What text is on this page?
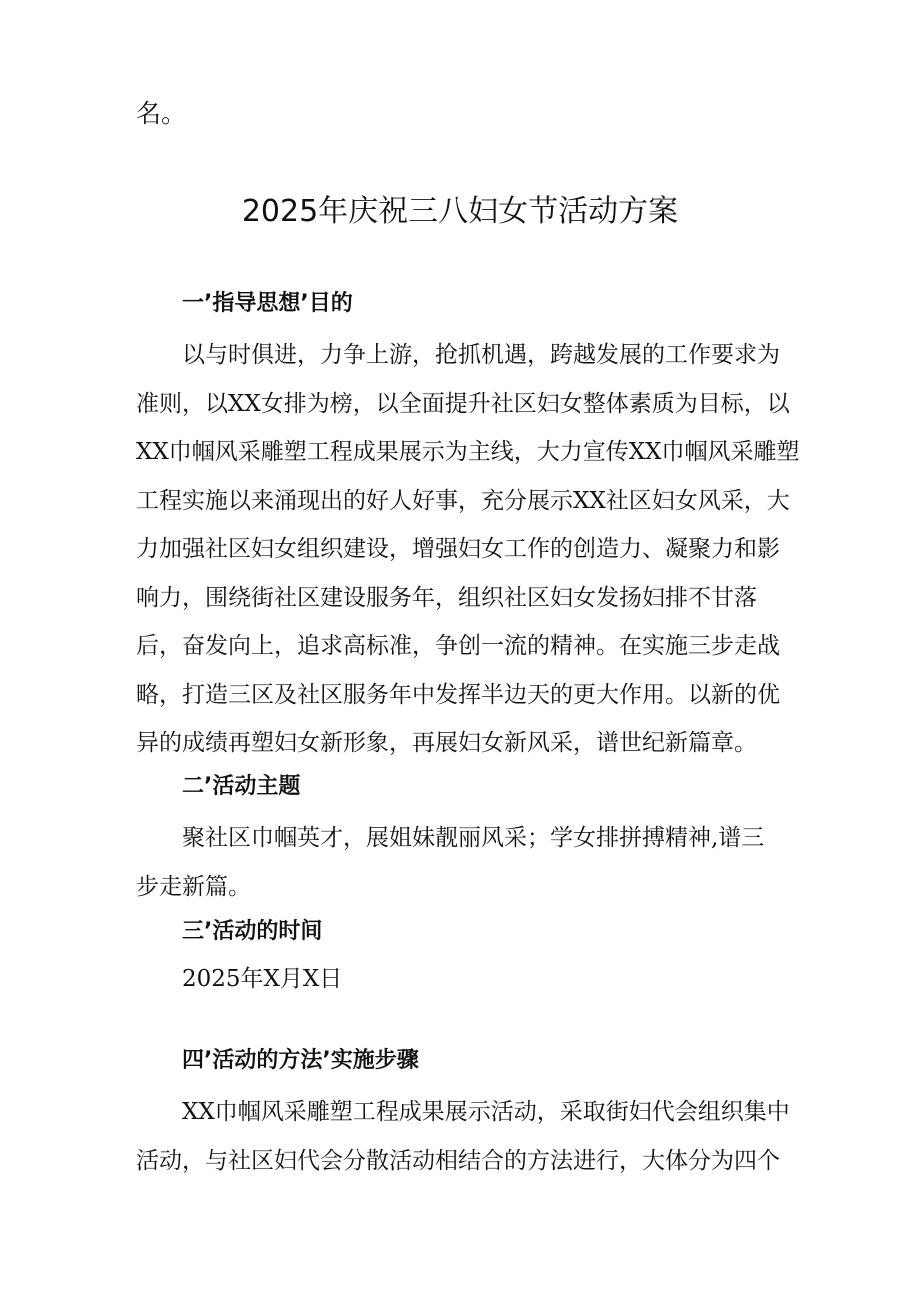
名。

2025年庆祝三八妇女节活动方案
一’指导思想’目的
以与时俱进，力争上游，抢抓机遇，跨越发展的工作要求为
准则，以XX女排为榜，以全面提升社区妇女整体素质为目标，以
XX巾帼风采雕塑工程成果展示为主线，大力宣传XX巾帼风采雕塑
工程实施以来涌现出的好人好事，充分展示XX社区妇女风采，大
力加强社区妇女组织建设，增强妇女工作的创造力、凝聚力和影
响力，围绕街社区建设服务年，组织社区妇女发扬妇排不甘落
后，奋发向上，追求高标准，争创一流的精神。在实施三步走战
略，打造三区及社区服务年中发挥半边天的更大作用。以新的优
异的成绩再塑妇女新形象，再展妇女新风采，谱世纪新篇章。
二’活动主题
聚社区巾帼英才，展姐妹靓丽风采；学女排拼搏精神,谱三
步走新篇。
三’活动的时间

2025年X月X日

四’活动的方法’实施步骤
XX巾帼风采雕塑工程成果展示活动，采取街妇代会组织集中
活动，与社区妇代会分散活动相结合的方法进行，大体分为四个
